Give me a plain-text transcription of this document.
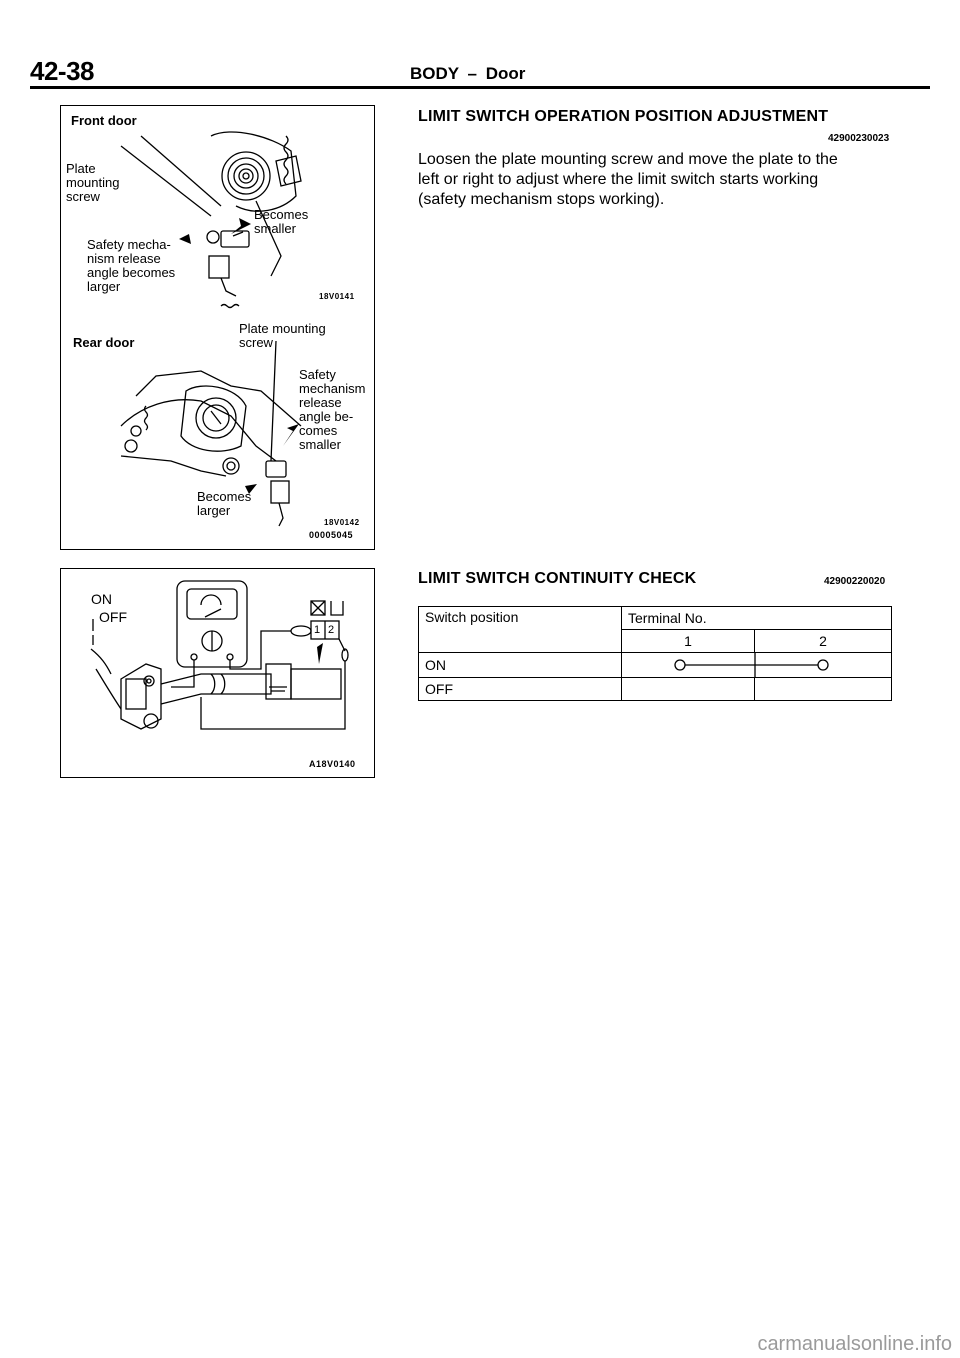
42-38	BODY – Door
Front door
Plate
mounting
screw
Becomes
smaller
Safety mecha-
nism release
angle becomes
larger
18V0141
Rear door
Plate mounting
screw
Safety
mechanism
release
angle be-
comes
smaller
Becomes
larger
18V0142
00005045
ON
OFF
1 2
A18V0140
LIMIT SWITCH OPERATION POSITION ADJUSTMENT
42900230023
Loosen the plate mounting screw and move the plate to the
left or right to adjust where the limit switch starts working
(safety mechanism stops working).
LIMIT SWITCH CONTINUITY CHECK	42900220020
Switch position	Terminal No.	
	1	2
ON	

OFF		
carmanualsonline.info
